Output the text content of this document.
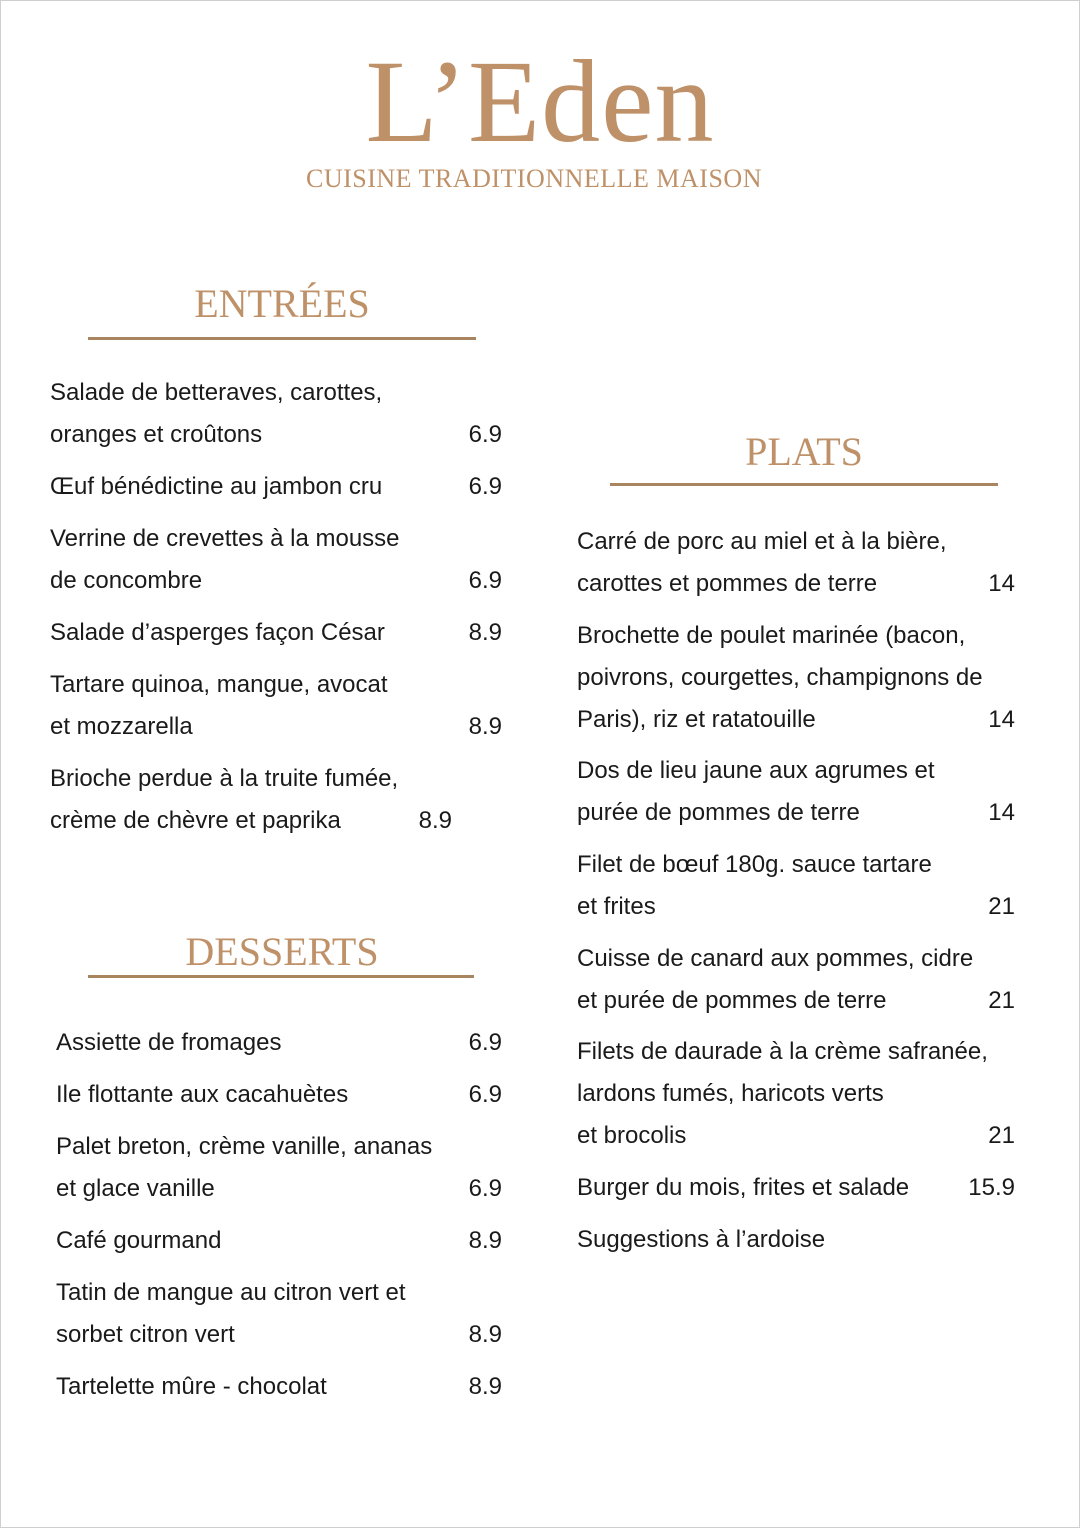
L’Eden
CUISINE TRADITIONNELLE MAISON
ENTRÉES
Salade de betteraves, carottes,
oranges et croûtons	6.9
Œuf bénédictine au jambon cru	6.9
Verrine de crevettes à la mousse
de concombre	6.9
Salade d’asperges façon César	8.9
Tartare quinoa, mangue, avocat
et mozzarella	8.9
Brioche perdue à la truite fumée,
crème de chèvre et paprika	8.9
DESSERTS
Assiette de fromages	6.9
Ile flottante aux cacahuètes	6.9
Palet breton, crème vanille, ananas
et glace vanille	6.9
Café gourmand	8.9
Tatin de mangue au citron vert et
sorbet citron vert	8.9
Tartelette mûre - chocolat	8.9
PLATS
Carré de porc au miel et à la bière,
carottes et pommes de terre	14
Brochette de poulet marinée (bacon,
poivrons, courgettes, champignons de
Paris), riz et ratatouille	14
Dos de lieu jaune aux agrumes et
purée de pommes de terre	14
Filet de bœuf 180g. sauce tartare
et frites	21
Cuisse de canard aux pommes, cidre
et purée de pommes de terre	21
Filets de daurade à la crème safranée,
lardons fumés, haricots verts
et brocolis	21
Burger du mois, frites et salade	15.9
Suggestions à l’ardoise
